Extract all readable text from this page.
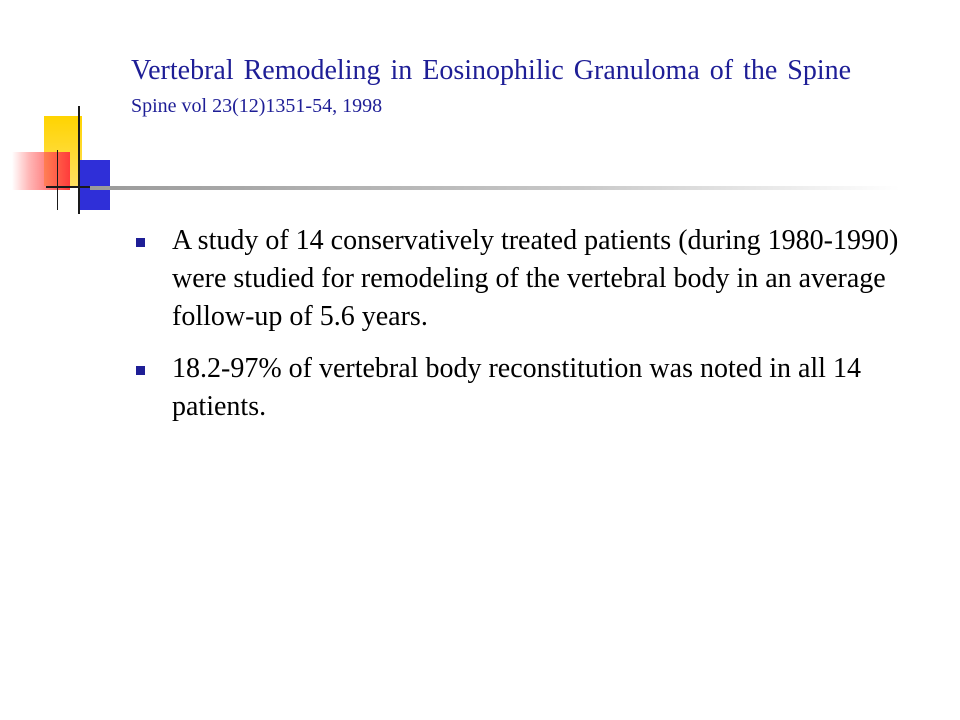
Vertebral Remodeling in Eosinophilic Granuloma of the Spine
Spine vol 23(12)1351-54, 1998
A study of 14 conservatively treated patients (during 1980-1990) were studied for remodeling of the vertebral body in an average follow-up of 5.6 years.
18.2-97% of vertebral body reconstitution was noted in all 14 patients.
